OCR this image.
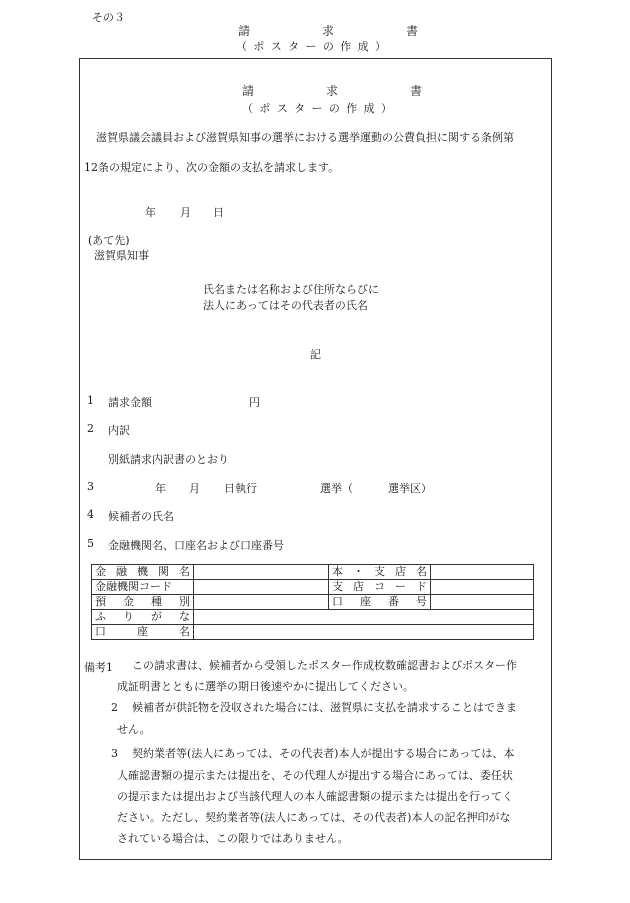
その３
請	求	書
（ ポ ス タ ー の 作 成 ）
請	求	書
（ ポ ス タ ー の 作 成 ）
滋賀県議会議員および滋賀県知事の選挙における選挙運動の公費負担に関する条例第
12条の規定により、次の金額の支払を請求します。
年 月 日
(あて先)
滋賀県知事
氏名または名称および住所ならびに
法人にあってはその代表者の氏名
記
1 請求金額	円
2 内訳
別紙請求内訳書のとおり
3	年 月 日執行	選挙（	選挙区）
4 候補者の氏名
5 金融機関名、口座名および口座番号
金 融 機 関 名		本 ・ 支 店 名	

金融機関コード		支 店 コ ー ド	

預 金 種 別		口 座 番 号	

ふ り が な			

口 座 名			

備考1 この請求書は、候補者から受領したポスター作成枚数確認書およびポスター作
成証明書とともに選挙の期日後速やかに提出してください。
2 候補者が供託物を没収された場合には、滋賀県に支払を請求することはできま
せん。
3 契約業者等(法人にあっては、その代表者)本人が提出する場合にあっては、本
人確認書類の提示または提出を、その代理人が提出する場合にあっては、委任状
の提示または提出および当該代理人の本人確認書類の提示または提出を行ってく
ださい。ただし、契約業者等(法人にあっては、その代表者)本人の記名押印がな
されている場合は、この限りではありません。
